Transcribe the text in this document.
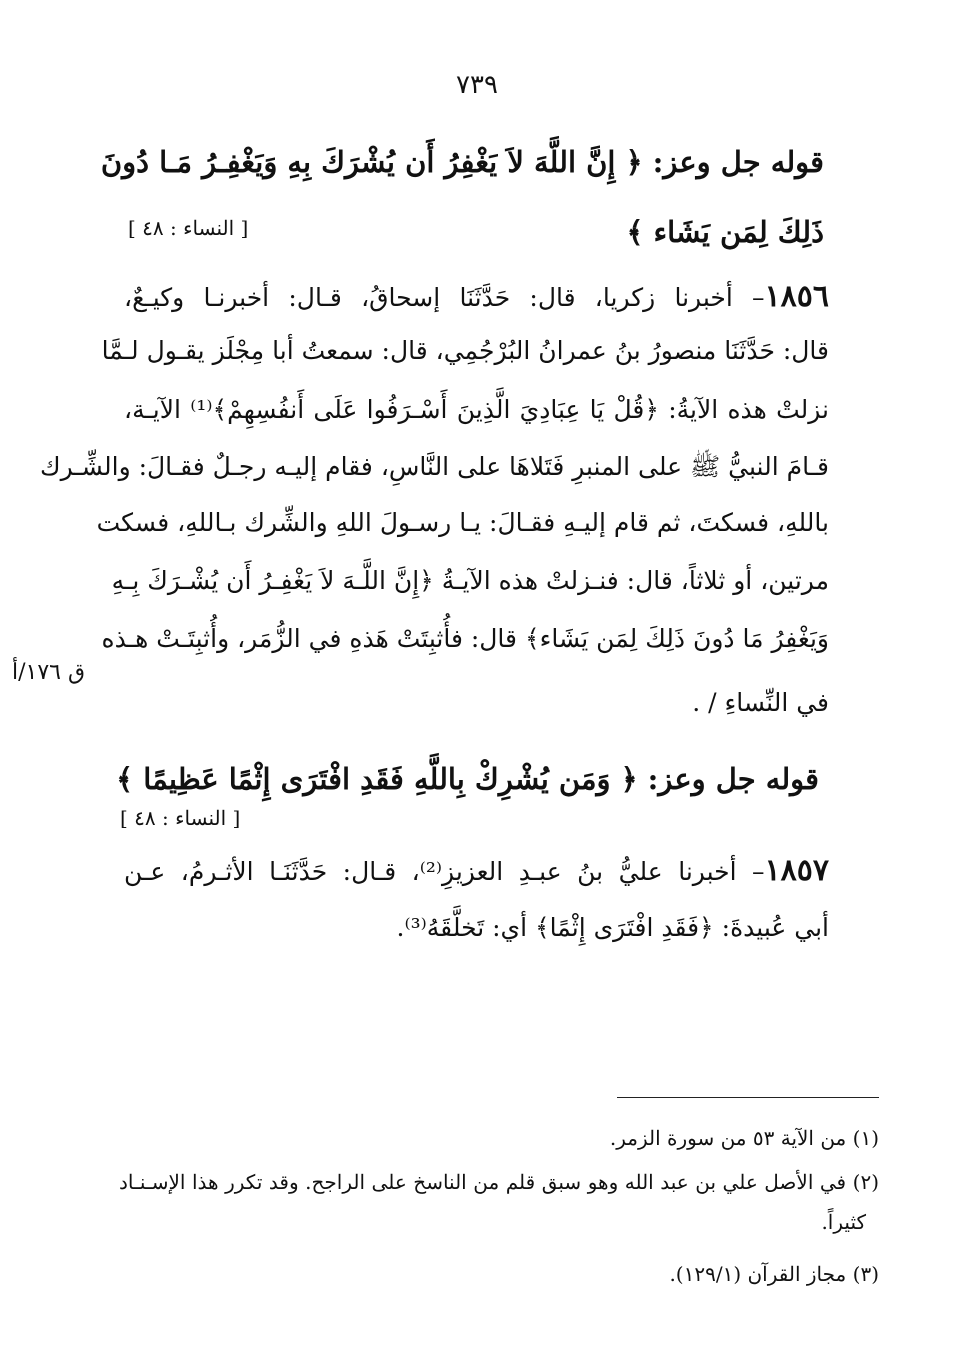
٧٣٩
قوله جل وعز: ﴿ إِنَّ اللَّهَ لاَ يَغْفِرُ أَن يُشْرَكَ بِهِ وَيَغْفِـرُ مَـا دُونَ
ذَلِكَ لِمَن يَشَاء ﴾
[ النساء : ٤٨ ]
١٨٥٦– أخبرنا زكريا، قال: حَدَّثَنَا إسحاقُ، قـال: أخبرنـا وكيـعٌ،
قال: حَدَّثَنَا منصورُ بنُ عمرانُ البُرْجُمِي، قال: سمعتُ أبا مِجْلَز يقـول لـمَّا
نزلتْ هذه الآيةُ: ﴿قُلْ يَا عِبَادِيَ الَّذِينَ أَسْـرَفُوا عَلَى أَنفُسِهِمْ﴾⁽¹⁾ الآيـة،
قـامَ النبيُّ ﷺ على المنبرِ فَتَلاهَا على النَّاسِ، فقام إليـه رجـلٌ فقـالَ: والشِّـرك
باللهِ، فسكتَ، ثم قام إليـهِ فقـالَ: يـا رسـولَ اللهِ والشِّرك بـاللهِ، فسكت
مرتين، أو ثلاثاً، قال: فنـزلتْ هذه الآيـةُ ﴿إِنَّ اللَّـهَ لاَ يَغْفِـرُ أَن يُشْـرَكَ بِـهِ
وَيَغْفِرُ مَا دُونَ ذَلِكَ لِمَن يَشَاء﴾ قال: فأُثبِتَتْ هَذهِ في الزُّمَر، وأُثبِتَـتْ هـذه
في النِّساءِ / .
ق ١٧٦/أ
قوله جل وعز: ﴿ وَمَن يُشْرِكْ بِاللَّهِ فَقَدِ افْتَرَى إِثْمًا عَظِيمًا ﴾
[ النساء : ٤٨ ]
١٨٥٧– أخبرنا عليُّ بنُ عبـدِ العزيزِ⁽²⁾، قـال: حَدَّثَنَـا الأثـرمُ، عـن
أبي عُبيدةَ: ﴿فَقَدِ افْتَرَى إِثْمًا﴾ أي: تَخلَّقَهُ⁽³⁾.
(١) من الآية ٥٣ من سورة الزمر.
(٢) في الأصل علي بن عبد الله وهو سبق قلم من الناسخ على الراجح. وقد تكرر هذا الإسـنـاد
كثيراً.
(٣) مجاز القرآن (١٢٩/١).
